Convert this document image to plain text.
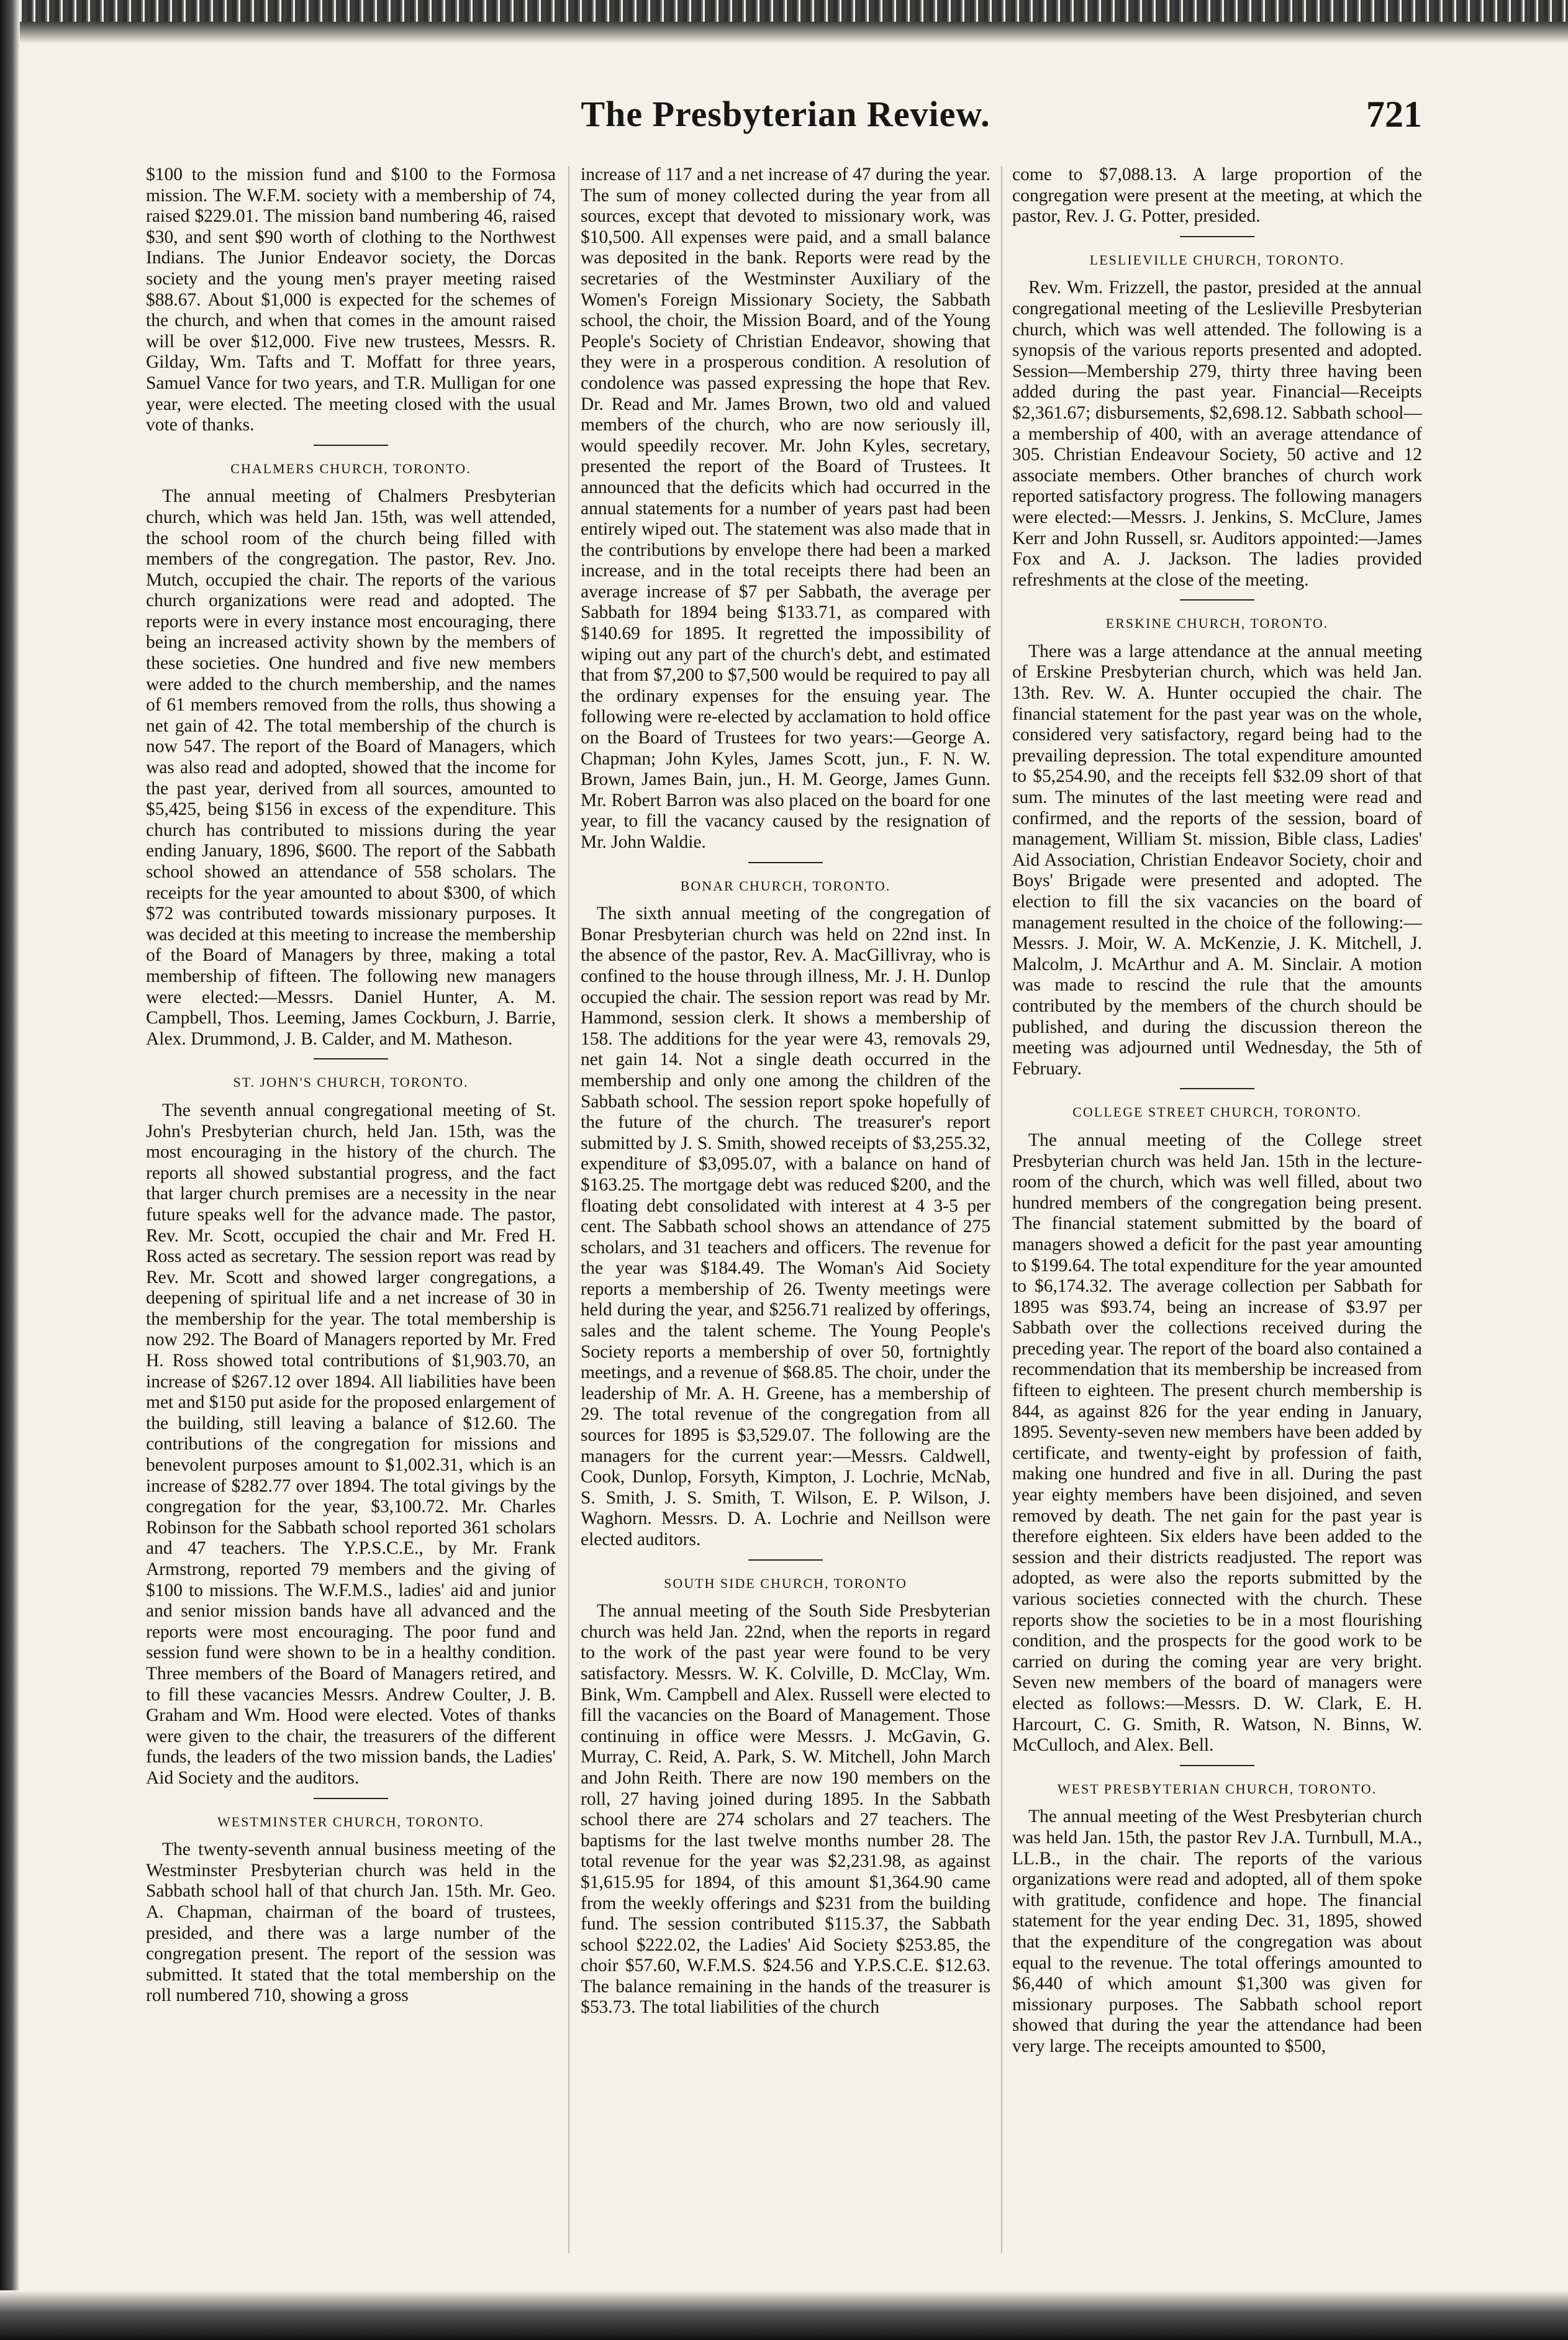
The Presbyterian Review.	721

$100 to the mission fund and $100 to the Formosa mission. The W.F.M. society with a membership of 74, raised $229.01. The mission band numbering 46, raised $30, and sent $90 worth of clothing to the Northwest Indians. The Junior Endeavor society, the Dorcas society and the young men's prayer meeting raised $88.67. About $1,000 is expected for the schemes of the church, and when that comes in the amount raised will be over $12,000. Five new trustees, Messrs. R. Gilday, Wm. Tafts and T. Moffatt for three years, Samuel Vance for two years, and T.R. Mulligan for one year, were elected. The meeting closed with the usual vote of thanks.

CHALMERS CHURCH, TORONTO.

The annual meeting of Chalmers Presbyterian church, which was held Jan. 15th, was well attended, the school room of the church being filled with members of the congregation. The pastor, Rev. Jno. Mutch, occupied the chair. The reports of the various church organizations were read and adopted. The reports were in every instance most encouraging, there being an increased activity shown by the members of these societies. One hundred and five new members were added to the church membership, and the names of 61 members removed from the rolls, thus showing a net gain of 42. The total membership of the church is now 547. The report of the Board of Managers, which was also read and adopted, showed that the income for the past year, derived from all sources, amounted to $5,425, being $156 in excess of the expenditure. This church has contributed to missions during the year ending January, 1896, $600. The report of the Sabbath school showed an attendance of 558 scholars. The receipts for the year amounted to about $300, of which $72 was contributed towards missionary purposes. It was decided at this meeting to increase the membership of the Board of Managers by three, making a total membership of fifteen. The following new managers were elected:—Messrs. Daniel Hunter, A. M. Campbell, Thos. Leeming, James Cockburn, J. Barrie, Alex. Drummond, J. B. Calder, and M. Matheson.

ST. JOHN'S CHURCH, TORONTO.

The seventh annual congregational meeting of St. John's Presbyterian church, held Jan. 15th, was the most encouraging in the history of the church. The reports all showed substantial progress, and the fact that larger church premises are a necessity in the near future speaks well for the advance made. The pastor, Rev. Mr. Scott, occupied the chair and Mr. Fred H. Ross acted as secretary. The session report was read by Rev. Mr. Scott and showed larger congregations, a deepening of spiritual life and a net increase of 30 in the membership for the year. The total membership is now 292. The Board of Managers reported by Mr. Fred H. Ross showed total contributions of $1,903.70, an increase of $267.12 over 1894. All liabilities have been met and $150 put aside for the proposed enlargement of the building, still leaving a balance of $12.60. The contributions of the congregation for missions and benevolent purposes amount to $1,002.31, which is an increase of $282.77 over 1894. The total givings by the congregation for the year, $3,100.72. Mr. Charles Robinson for the Sabbath school reported 361 scholars and 47 teachers. The Y.P.S.C.E., by Mr. Frank Armstrong, reported 79 members and the giving of $100 to missions. The W.F.M.S., ladies' aid and junior and senior mission bands have all advanced and the reports were most encouraging. The poor fund and session fund were shown to be in a healthy condition. Three members of the Board of Managers retired, and to fill these vacancies Messrs. Andrew Coulter, J. B. Graham and Wm. Hood were elected. Votes of thanks were given to the chair, the treasurers of the different funds, the leaders of the two mission bands, the Ladies' Aid Society and the auditors.

WESTMINSTER CHURCH, TORONTO.

The twenty-seventh annual business meeting of the Westminster Presbyterian church was held in the Sabbath school hall of that church Jan. 15th. Mr. Geo. A. Chapman, chairman of the board of trustees, presided, and there was a large number of the congregation present. The report of the session was submitted. It stated that the total membership on the roll numbered 710, showing a gross

increase of 117 and a net increase of 47 during the year. The sum of money collected during the year from all sources, except that devoted to missionary work, was $10,500. All expenses were paid, and a small balance was deposited in the bank. Reports were read by the secretaries of the Westminster Auxiliary of the Women's Foreign Missionary Society, the Sabbath school, the choir, the Mission Board, and of the Young People's Society of Christian Endeavor, showing that they were in a prosperous condition. A resolution of condolence was passed expressing the hope that Rev. Dr. Read and Mr. James Brown, two old and valued members of the church, who are now seriously ill, would speedily recover. Mr. John Kyles, secretary, presented the report of the Board of Trustees. It announced that the deficits which had occurred in the annual statements for a number of years past had been entirely wiped out. The statement was also made that in the contributions by envelope there had been a marked increase, and in the total receipts there had been an average increase of $7 per Sabbath, the average per Sabbath for 1894 being $133.71, as compared with $140.69 for 1895. It regretted the impossibility of wiping out any part of the church's debt, and estimated that from $7,200 to $7,500 would be required to pay all the ordinary expenses for the ensuing year. The following were re-elected by acclamation to hold office on the Board of Trustees for two years:—George A. Chapman; John Kyles, James Scott, jun., F. N. W. Brown, James Bain, jun., H. M. George, James Gunn. Mr. Robert Barron was also placed on the board for one year, to fill the vacancy caused by the resignation of Mr. John Waldie.

BONAR CHURCH, TORONTO.

The sixth annual meeting of the congregation of Bonar Presbyterian church was held on 22nd inst. In the absence of the pastor, Rev. A. MacGillivray, who is confined to the house through illness, Mr. J. H. Dunlop occupied the chair. The session report was read by Mr. Hammond, session clerk. It shows a membership of 158. The additions for the year were 43, removals 29, net gain 14. Not a single death occurred in the membership and only one among the children of the Sabbath school. The session report spoke hopefully of the future of the church. The treasurer's report submitted by J. S. Smith, showed receipts of $3,255.32, expenditure of $3,095.07, with a balance on hand of $163.25. The mortgage debt was reduced $200, and the floating debt consolidated with interest at 4 3-5 per cent. The Sabbath school shows an attendance of 275 scholars, and 31 teachers and officers. The revenue for the year was $184.49. The Woman's Aid Society reports a membership of 26. Twenty meetings were held during the year, and $256.71 realized by offerings, sales and the talent scheme. The Young People's Society reports a membership of over 50, fortnightly meetings, and a revenue of $68.85. The choir, under the leadership of Mr. A. H. Greene, has a membership of 29. The total revenue of the congregation from all sources for 1895 is $3,529.07. The following are the managers for the current year:—Messrs. Caldwell, Cook, Dunlop, Forsyth, Kimpton, J. Lochrie, McNab, S. Smith, J. S. Smith, T. Wilson, E. P. Wilson, J. Waghorn. Messrs. D. A. Lochrie and Neillson were elected auditors.

SOUTH SIDE CHURCH, TORONTO

The annual meeting of the South Side Presbyterian church was held Jan. 22nd, when the reports in regard to the work of the past year were found to be very satisfactory. Messrs. W. K. Colville, D. McClay, Wm. Bink, Wm. Campbell and Alex. Russell were elected to fill the vacancies on the Board of Management. Those continuing in office were Messrs. J. McGavin, G. Murray, C. Reid, A. Park, S. W. Mitchell, John March and John Reith. There are now 190 members on the roll, 27 having joined during 1895. In the Sabbath school there are 274 scholars and 27 teachers. The baptisms for the last twelve months number 28. The total revenue for the year was $2,231.98, as against $1,615.95 for 1894, of this amount $1,364.90 came from the weekly offerings and $231 from the building fund. The session contributed $115.37, the Sabbath school $222.02, the Ladies' Aid Society $253.85, the choir $57.60, W.F.M.S. $24.56 and Y.P.S.C.E. $12.63. The balance remaining in the hands of the treasurer is $53.73. The total liabilities of the church

come to $7,088.13. A large proportion of the congregation were present at the meeting, at which the pastor, Rev. J. G. Potter, presided.

LESLIEVILLE CHURCH, TORONTO.

Rev. Wm. Frizzell, the pastor, presided at the annual congregational meeting of the Leslieville Presbyterian church, which was well attended. The following is a synopsis of the various reports presented and adopted. Session—Membership 279, thirty three having been added during the past year. Financial—Receipts $2,361.67; disbursements, $2,698.12. Sabbath school—a membership of 400, with an average attendance of 305. Christian Endeavour Society, 50 active and 12 associate members. Other branches of church work reported satisfactory progress. The following managers were elected:—Messrs. J. Jenkins, S. McClure, James Kerr and John Russell, sr. Auditors appointed:—James Fox and A. J. Jackson. The ladies provided refreshments at the close of the meeting.

ERSKINE CHURCH, TORONTO.

There was a large attendance at the annual meeting of Erskine Presbyterian church, which was held Jan. 13th. Rev. W. A. Hunter occupied the chair. The financial statement for the past year was on the whole, considered very satisfactory, regard being had to the prevailing depression. The total expenditure amounted to $5,254.90, and the receipts fell $32.09 short of that sum. The minutes of the last meeting were read and confirmed, and the reports of the session, board of management, William St. mission, Bible class, Ladies' Aid Association, Christian Endeavor Society, choir and Boys' Brigade were presented and adopted. The election to fill the six vacancies on the board of management resulted in the choice of the following:—Messrs. J. Moir, W. A. McKenzie, J. K. Mitchell, J. Malcolm, J. McArthur and A. M. Sinclair. A motion was made to rescind the rule that the amounts contributed by the members of the church should be published, and during the discussion thereon the meeting was adjourned until Wednesday, the 5th of February.

COLLEGE STREET CHURCH, TORONTO.

The annual meeting of the College street Presbyterian church was held Jan. 15th in the lecture-room of the church, which was well filled, about two hundred members of the congregation being present. The financial statement submitted by the board of managers showed a deficit for the past year amounting to $199.64. The total expenditure for the year amounted to $6,174.32. The average collection per Sabbath for 1895 was $93.74, being an increase of $3.97 per Sabbath over the collections received during the preceding year. The report of the board also contained a recommendation that its membership be increased from fifteen to eighteen. The present church membership is 844, as against 826 for the year ending in January, 1895. Seventy-seven new members have been added by certificate, and twenty-eight by profession of faith, making one hundred and five in all. During the past year eighty members have been disjoined, and seven removed by death. The net gain for the past year is therefore eighteen. Six elders have been added to the session and their districts readjusted. The report was adopted, as were also the reports submitted by the various societies connected with the church. These reports show the societies to be in a most flourishing condition, and the prospects for the good work to be carried on during the coming year are very bright. Seven new members of the board of managers were elected as follows:—Messrs. D. W. Clark, E. H. Harcourt, C. G. Smith, R. Watson, N. Binns, W. McCulloch, and Alex. Bell.

WEST PRESBYTERIAN CHURCH, TORONTO.

The annual meeting of the West Presbyterian church was held Jan. 15th, the pastor Rev J.A. Turnbull, M.A., LL.B., in the chair. The reports of the various organizations were read and adopted, all of them spoke with gratitude, confidence and hope. The financial statement for the year ending Dec. 31, 1895, showed that the expenditure of the congregation was about equal to the revenue. The total offerings amounted to $6,440 of which amount $1,300 was given for missionary purposes. The Sabbath school report showed that during the year the attendance had been very large. The receipts amounted to $500,
